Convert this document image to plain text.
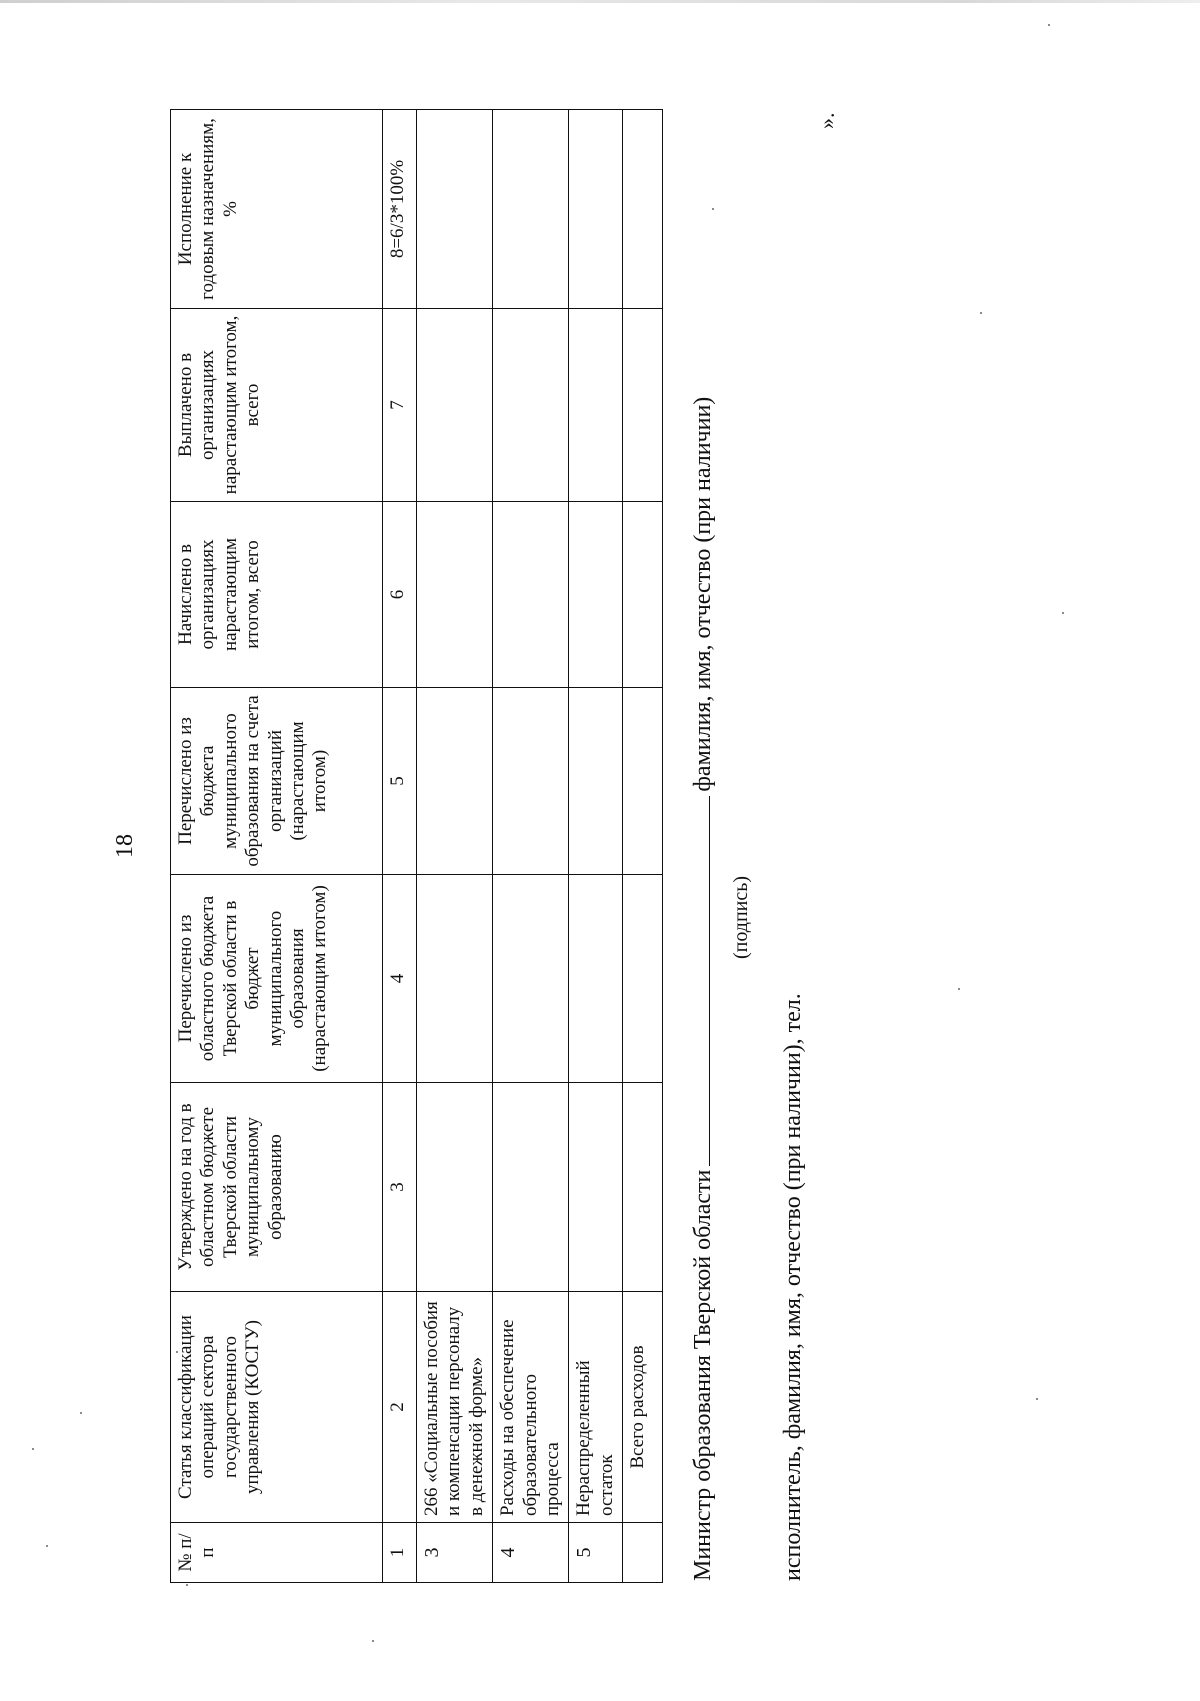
18
№ п/п	Статья классификации операций сектора государственного управления (КОСГУ)	Утверждено на год в областном бюджете Тверской области муниципальному образованию	Перечислено из областного бюджета Тверской области в бюджет муниципального образования (нарастающим итогом)	Перечислено из бюджета муниципального образования на счета организаций (нарастающим итогом)	Начислено в организациях нарастающим итогом, всего	Выплачено в организациях нарастающим итогом, всего	Исполнение к годовым назначениям, %
1	2	3	4	5	6	7	8=6/3*100%
3	266 «Социальные пособия и компенсации персоналу в денежной форме»						
4	Расходы на обеспечение образовательного процесса						
5	Нераспределенный остаток						
	Всего расходов						Министр образования Тверской областифамилия, имя, отчество (при наличии)
(подпись)
исполнитель, фамилия, имя, отчество (при наличии), тел.
».
